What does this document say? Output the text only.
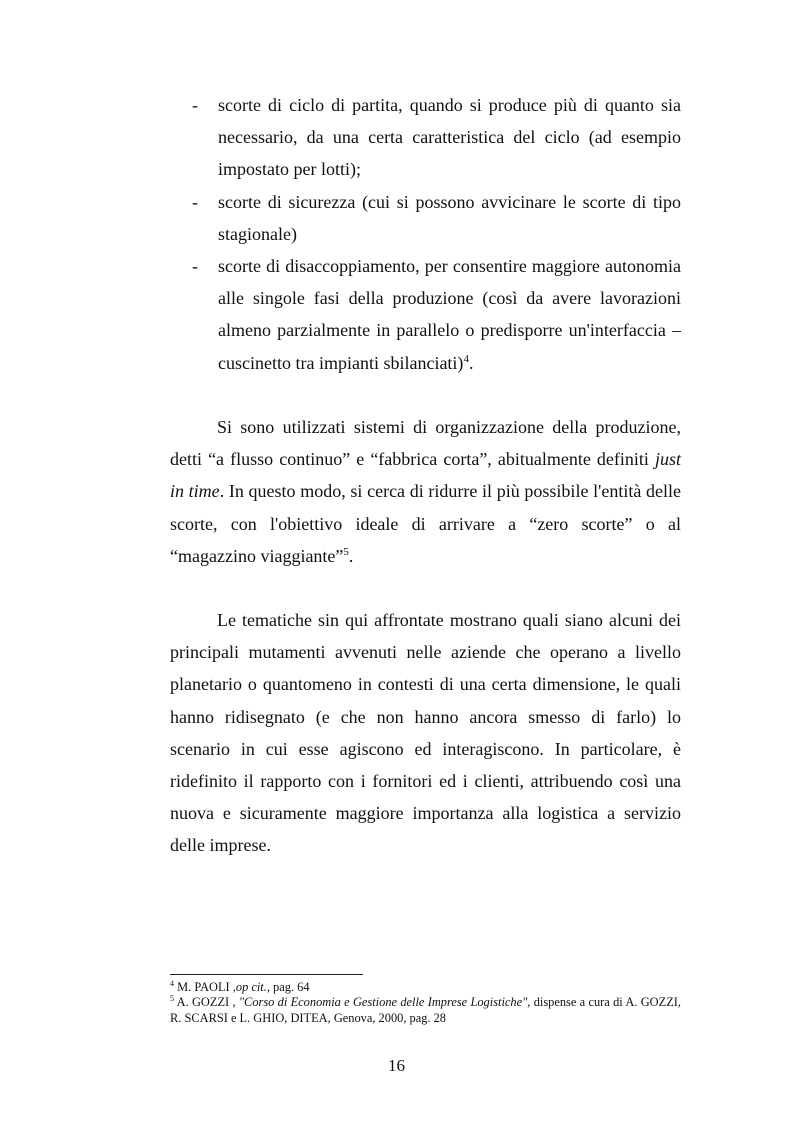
-	scorte di ciclo di partita, quando si produce più di quanto sia necessario, da una certa caratteristica del ciclo (ad esempio impostato per lotti);
-	scorte di sicurezza (cui si possono avvicinare le scorte di tipo stagionale)
-	scorte di disaccoppiamento, per consentire maggiore autonomia alle singole fasi della produzione (così da avere lavorazioni almeno parzialmente in parallelo o predisporre un'interfaccia – cuscinetto tra impianti sbilanciati)$^4$.

Si sono utilizzati sistemi di organizzazione della produzione, detti “a flusso continuo” e “fabbrica corta”, abitualmente definiti just in time. In questo modo, si cerca di ridurre il più possibile l'entità delle scorte, con l'obiettivo ideale di arrivare a “zero scorte” o al “magazzino viaggiante”$^5$.

Le tematiche sin qui affrontate mostrano quali siano alcuni dei principali mutamenti avvenuti nelle aziende che operano a livello planetario o quantomeno in contesti di una certa dimensione, le quali hanno ridisegnato (e che non hanno ancora smesso di farlo) lo scenario in cui esse agiscono ed interagiscono. In particolare, è ridefinito il rapporto con i fornitori ed i clienti, attribuendo così una nuova e sicuramente maggiore importanza alla logistica a servizio delle imprese.

$^4$ M. PAOLI ,op cit., pag. 64
$^5$ A. GOZZI , "Corso di Economia e Gestione delle Imprese Logistiche", dispense a cura di A. GOZZI, R. SCARSI e L. GHIO, DITEA, Genova, 2000, pag. 28
16
